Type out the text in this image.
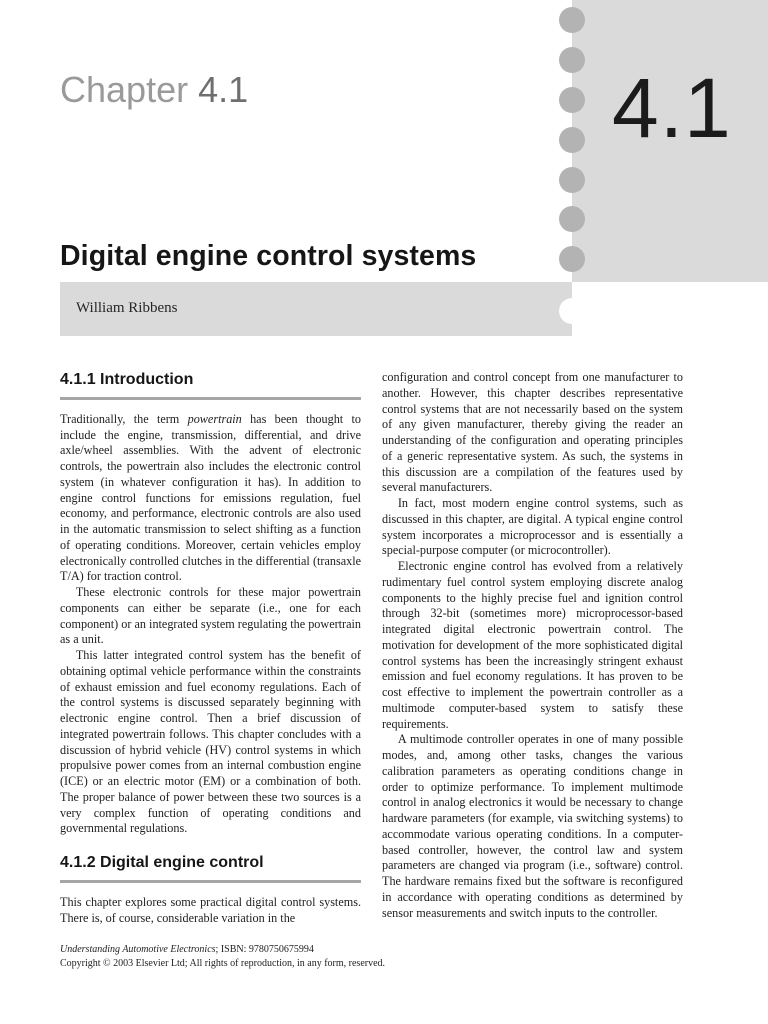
4.1
Chapter 4.1
Digital engine control systems

William Ribbens

4.1.1 Introduction

Traditionally, the term powertrain has been thought to include the engine, transmission, differential, and drive axle/wheel assemblies. With the advent of electronic controls, the powertrain also includes the electronic control system (in whatever configuration it has). In addition to engine control functions for emissions regulation, fuel economy, and performance, electronic controls are also used in the automatic transmission to select shifting as a function of operating conditions. Moreover, certain vehicles employ electronically controlled clutches in the differential (transaxle T/A) for traction control.

These electronic controls for these major powertrain components can either be separate (i.e., one for each component) or an integrated system regulating the powertrain as a unit.

This latter integrated control system has the benefit of obtaining optimal vehicle performance within the constraints of exhaust emission and fuel economy regulations. Each of the control systems is discussed separately beginning with electronic engine control. Then a brief discussion of integrated powertrain follows. This chapter concludes with a discussion of hybrid vehicle (HV) control systems in which propulsive power comes from an internal combustion engine (ICE) or an electric motor (EM) or a combination of both. The proper balance of power between these two sources is a very complex function of operating conditions and governmental regulations.

4.1.2 Digital engine control

This chapter explores some practical digital control systems. There is, of course, considerable variation in the

configuration and control concept from one manufacturer to another. However, this chapter describes representative control systems that are not necessarily based on the system of any given manufacturer, thereby giving the reader an understanding of the configuration and operating principles of a generic representative system. As such, the systems in this discussion are a compilation of the features used by several manufacturers.

In fact, most modern engine control systems, such as discussed in this chapter, are digital. A typical engine control system incorporates a microprocessor and is essentially a special-purpose computer (or microcontroller).

Electronic engine control has evolved from a relatively rudimentary fuel control system employing discrete analog components to the highly precise fuel and ignition control through 32-bit (sometimes more) microprocessor-based integrated digital electronic powertrain control. The motivation for development of the more sophisticated digital control systems has been the increasingly stringent exhaust emission and fuel economy regulations. It has proven to be cost effective to implement the powertrain controller as a multimode computer-based system to satisfy these requirements.

A multimode controller operates in one of many possible modes, and, among other tasks, changes the various calibration parameters as operating conditions change in order to optimize performance. To implement multimode control in analog electronics it would be necessary to change hardware parameters (for example, via switching systems) to accommodate various operating conditions. In a computer-based controller, however, the control law and system parameters are changed via program (i.e., software) control. The hardware remains fixed but the software is reconfigured in accordance with operating conditions as determined by sensor measurements and switch inputs to the controller.

Understanding Automotive Electronics; ISBN: 9780750675994
Copyright © 2003 Elsevier Ltd; All rights of reproduction, in any form, reserved.
